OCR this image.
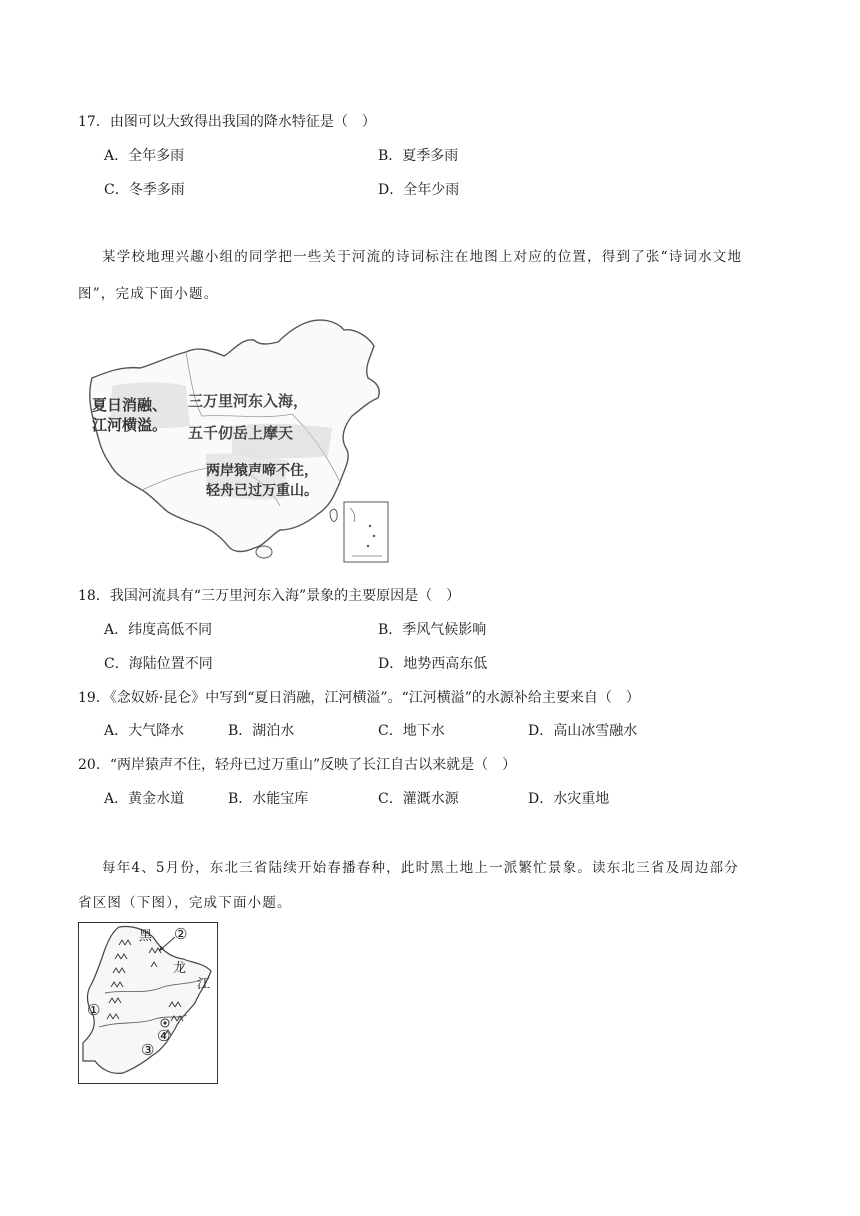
17．由图可以大致得出我国的降水特征是（　）
A．全年多雨	B．夏季多雨
C．冬季多雨	D．全年少雨
某学校地理兴趣小组的同学把一些关于河流的诗词标注在地图上对应的位置，得到了张“诗词水文地
图”，完成下面小题。
夏日消融、
江河横溢。
三万里河东入海，
五千仞岳上摩天
两岸猿声啼不住，
轻舟已过万重山。
18．我国河流具有“三万里河东入海”景象的主要原因是（　）
A．纬度高低不同	B．季风气候影响
C．海陆位置不同	D．地势西高东低
19．《念奴娇·昆仑》中写到“夏日消融，江河横溢”。“江河横溢”的水源补给主要来自（　）
A．大气降水	B．湖泊水	C．地下水	D．高山冰雪融水
20．“两岸猿声不住，轻舟已过万重山”反映了长江自古以来就是（　）
A．黄金水道	B．水能宝库	C．灌溉水源	D．水灾重地
每年4、5月份，东北三省陆续开始春播春种，此时黑土地上一派繁忙景象。读东北三省及周边部分
省区图（下图），完成下面小题。
黑
龙
江
②
①
④
③
